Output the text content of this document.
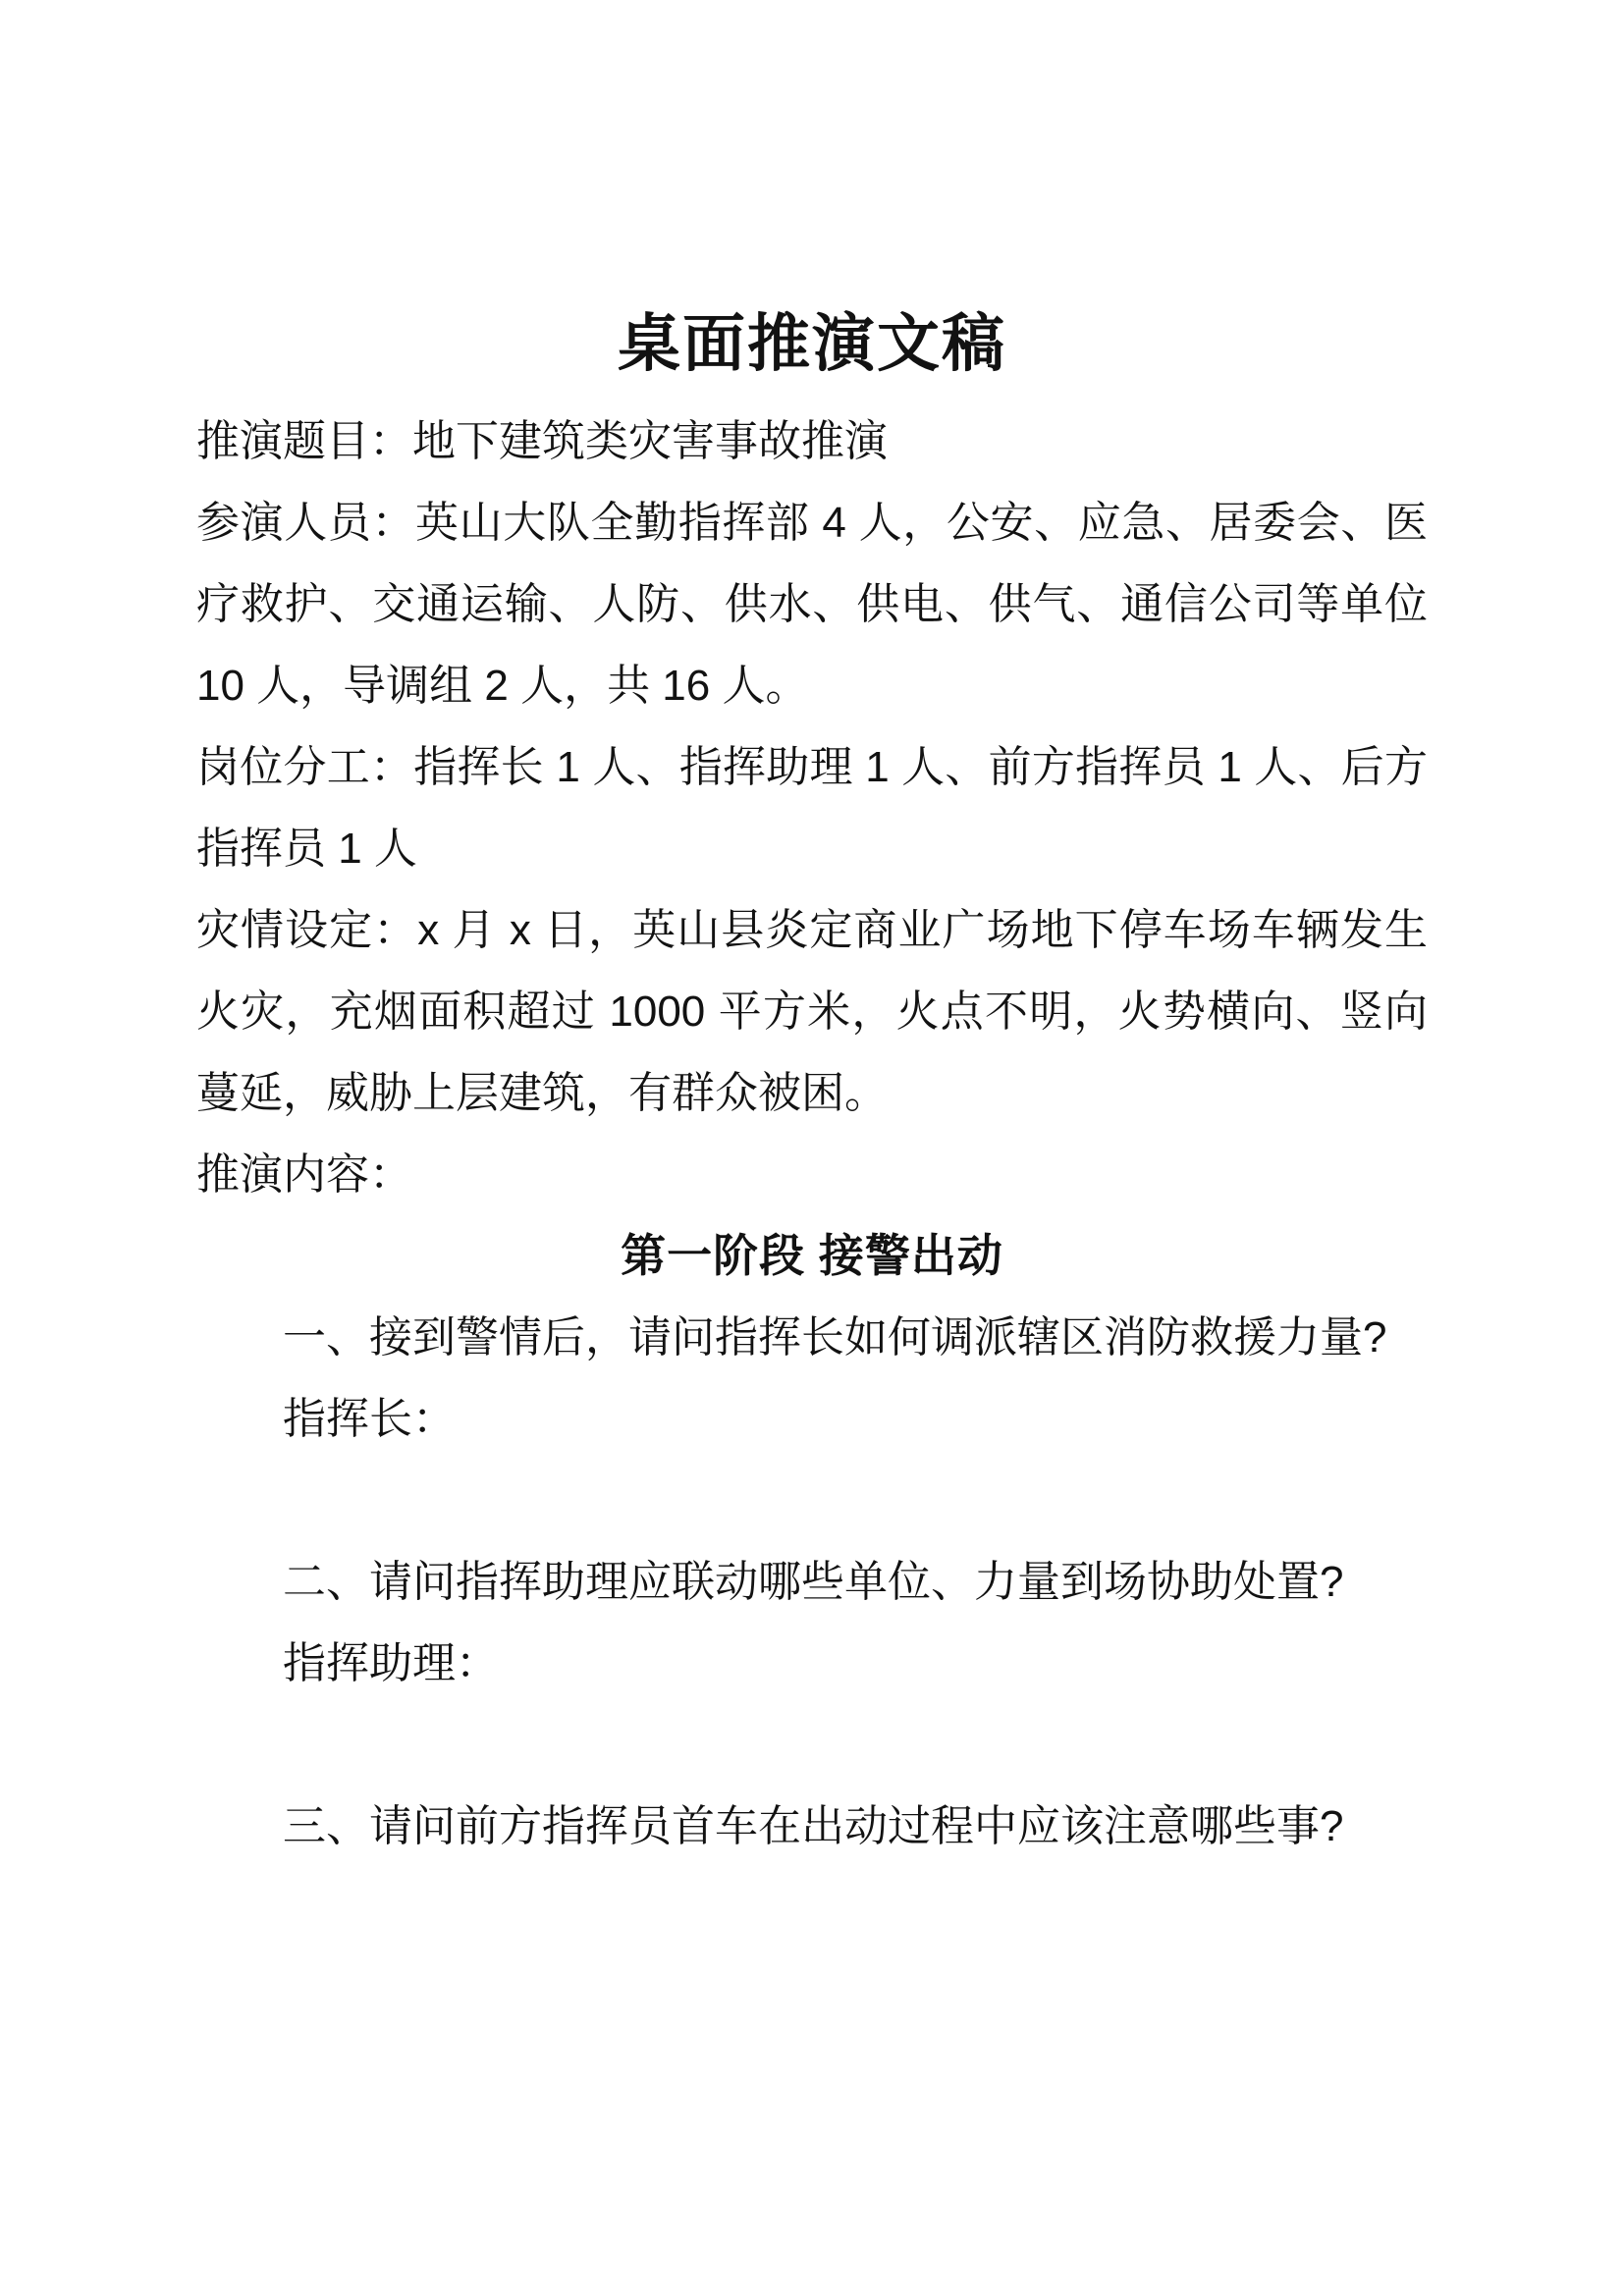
桌面推演文稿

推演题目：地下建筑类灾害事故推演

参演人员：英山大队全勤指挥部 4 人，公安、应急、居委会、医疗救护、交通运输、人防、供水、供电、供气、通信公司等单位 10 人，导调组 2 人，共 16 人。

岗位分工：指挥长 1 人、指挥助理 1 人、前方指挥员 1 人、后方指挥员 1 人

灾情设定：x 月 x 日，英山县炎定商业广场地下停车场车辆发生火灾，充烟面积超过 1000 平方米，火点不明，火势横向、竖向蔓延，威胁上层建筑，有群众被困。

推演内容：

第一阶段 接警出动

一、接到警情后，请问指挥长如何调派辖区消防救援力量?

指挥长：

二、请问指挥助理应联动哪些单位、力量到场协助处置?

指挥助理：

三、请问前方指挥员首车在出动过程中应该注意哪些事?
